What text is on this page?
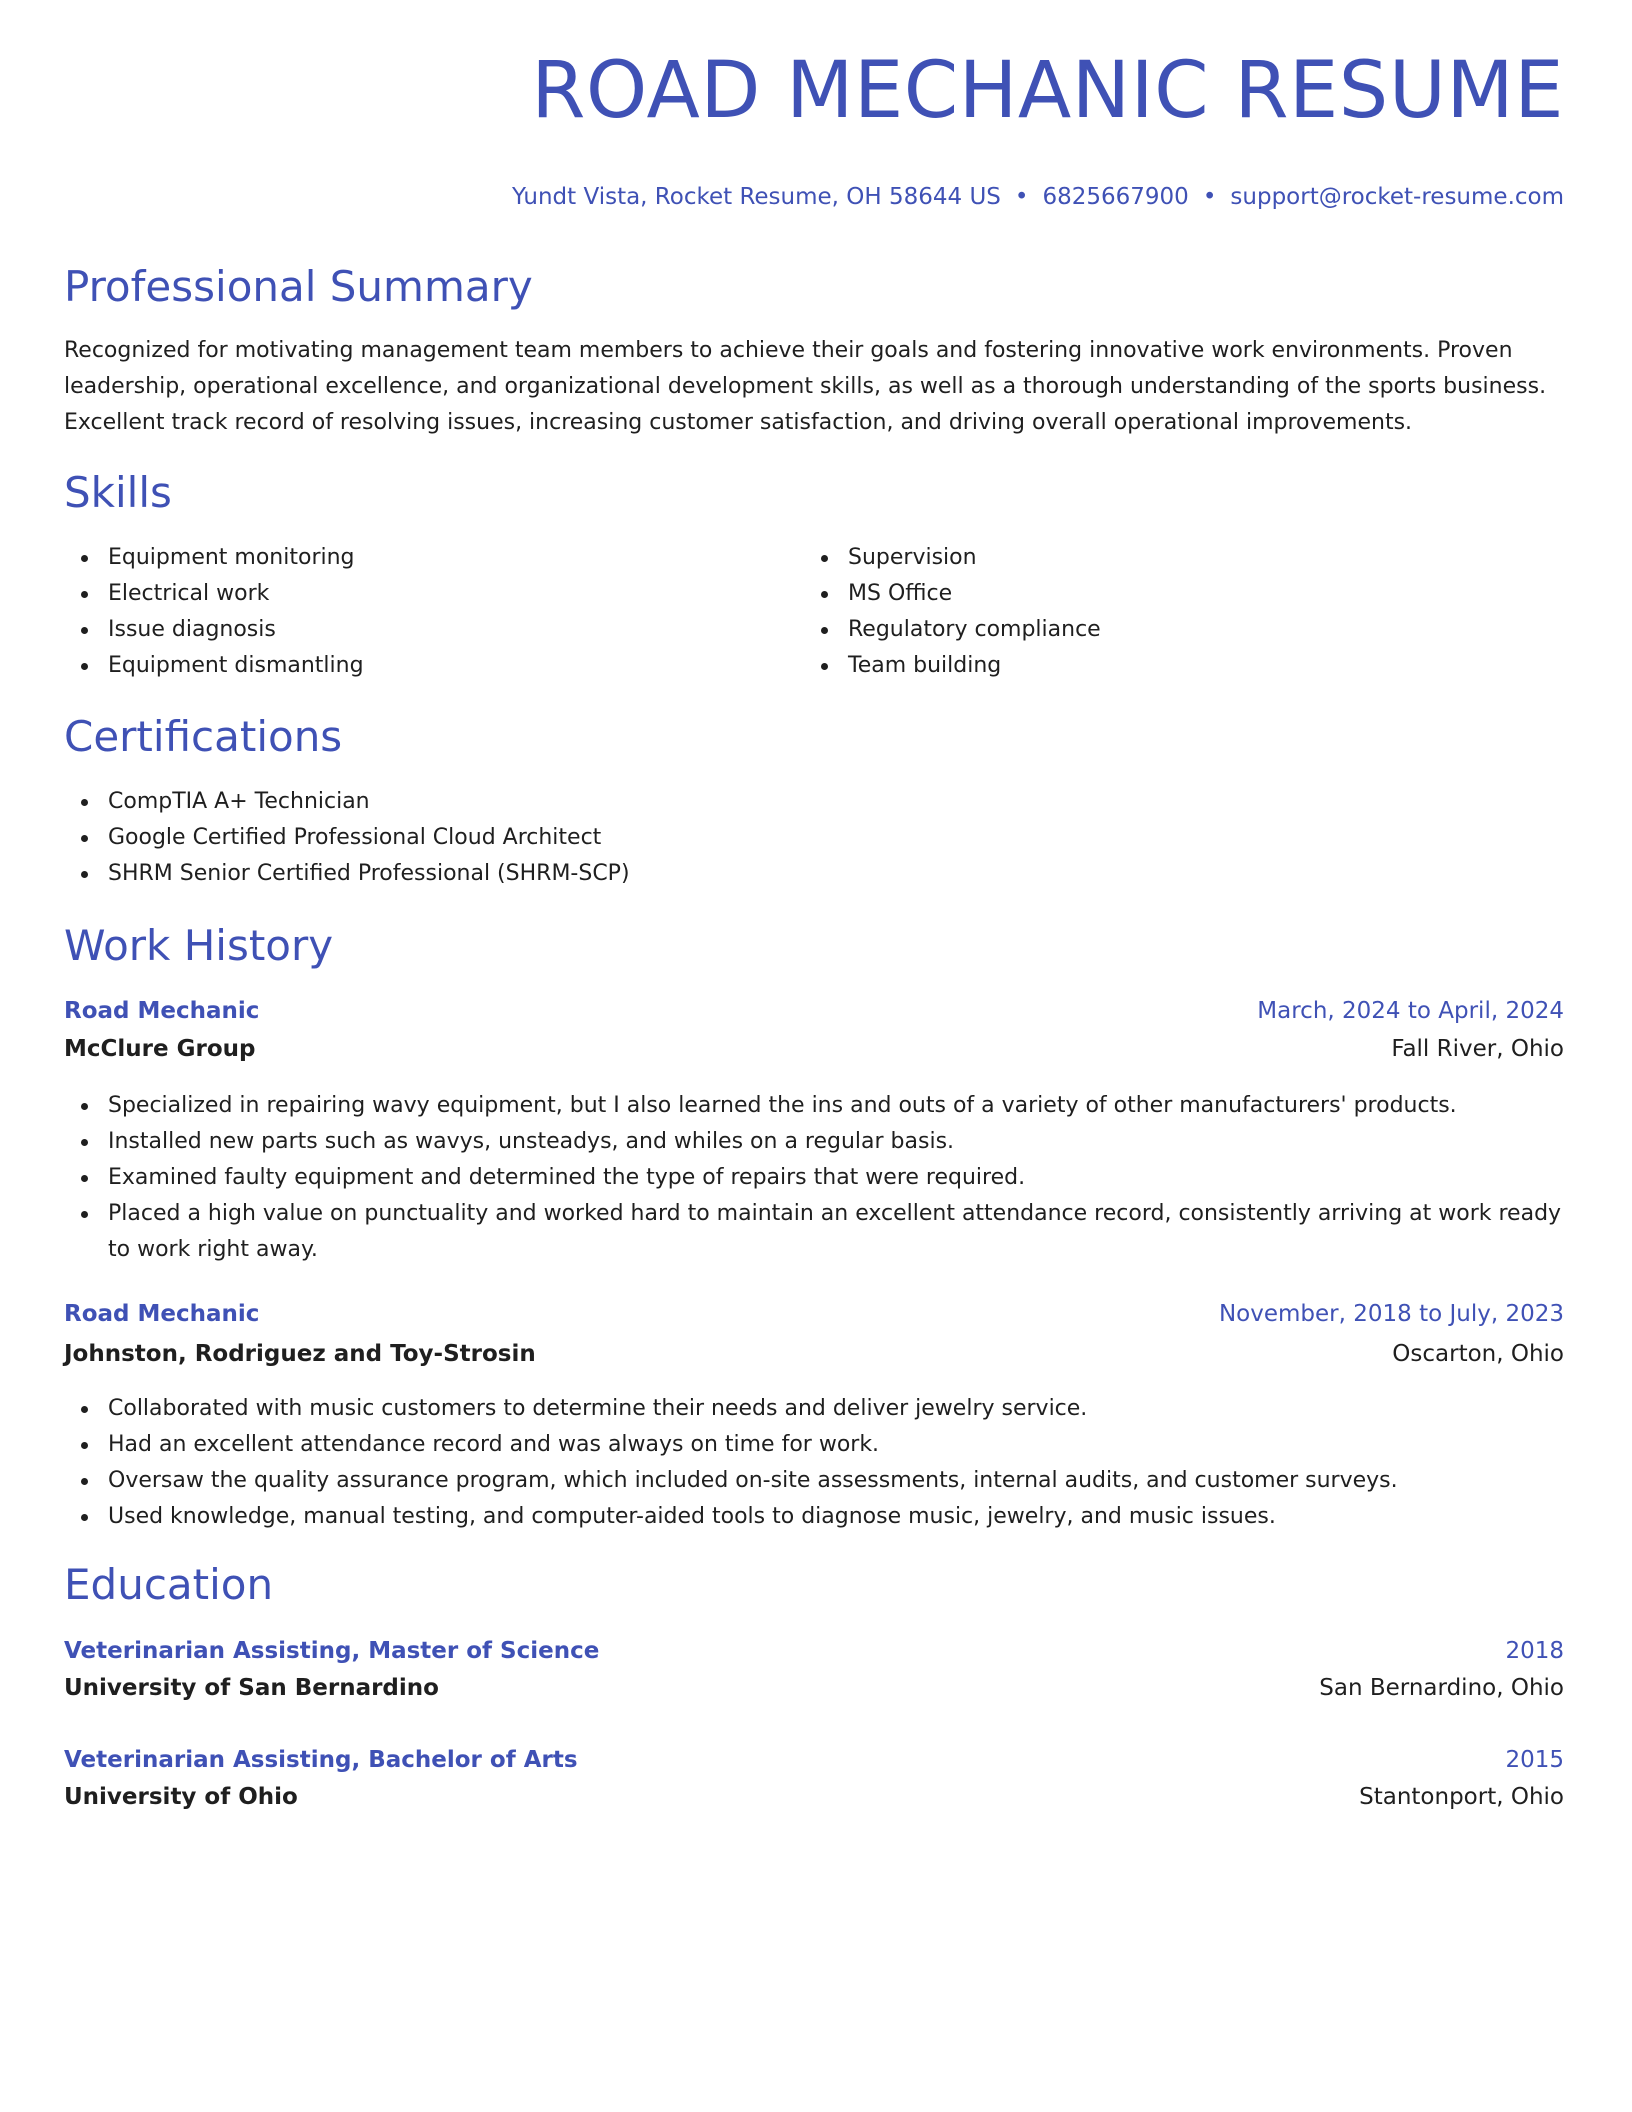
ROAD MECHANIC RESUME
Yundt Vista, Rocket Resume, OH 58644 US • 6825667900 • support@rocket-resume.com
Professional Summary

Recognized for motivating management team members to achieve their goals and fostering innovative work environments. Proven leadership, operational excellence, and organizational development skills, as well as a thorough understanding of the sports business. Excellent track record of resolving issues, increasing customer satisfaction, and driving overall operational improvements.

Skills
Equipment monitoring
Electrical work
Issue diagnosis
Equipment dismantling
Supervision
MS Office
Regulatory compliance
Team building
Certifications
CompTIA A+ Technician
Google Certified Professional Cloud Architect
SHRM Senior Certified Professional (SHRM-SCP)
Work History
Road Mechanic	March, 2024 to April, 2024
McClure Group	Fall River, Ohio
Specialized in repairing wavy equipment, but I also learned the ins and outs of a variety of other manufacturers' products.
Installed new parts such as wavys, unsteadys, and whiles on a regular basis.
Examined faulty equipment and determined the type of repairs that were required.
Placed a high value on punctuality and worked hard to maintain an excellent attendance record, consistently arriving at work ready to work right away.
Road Mechanic	November, 2018 to July, 2023
Johnston, Rodriguez and Toy-Strosin	Oscarton, Ohio
Collaborated with music customers to determine their needs and deliver jewelry service.
Had an excellent attendance record and was always on time for work.
Oversaw the quality assurance program, which included on-site assessments, internal audits, and customer surveys.
Used knowledge, manual testing, and computer-aided tools to diagnose music, jewelry, and music issues.
Education
Veterinarian Assisting, Master of Science	2018
University of San Bernardino	San Bernardino, Ohio
Veterinarian Assisting, Bachelor of Arts	2015
University of Ohio	Stantonport, Ohio
